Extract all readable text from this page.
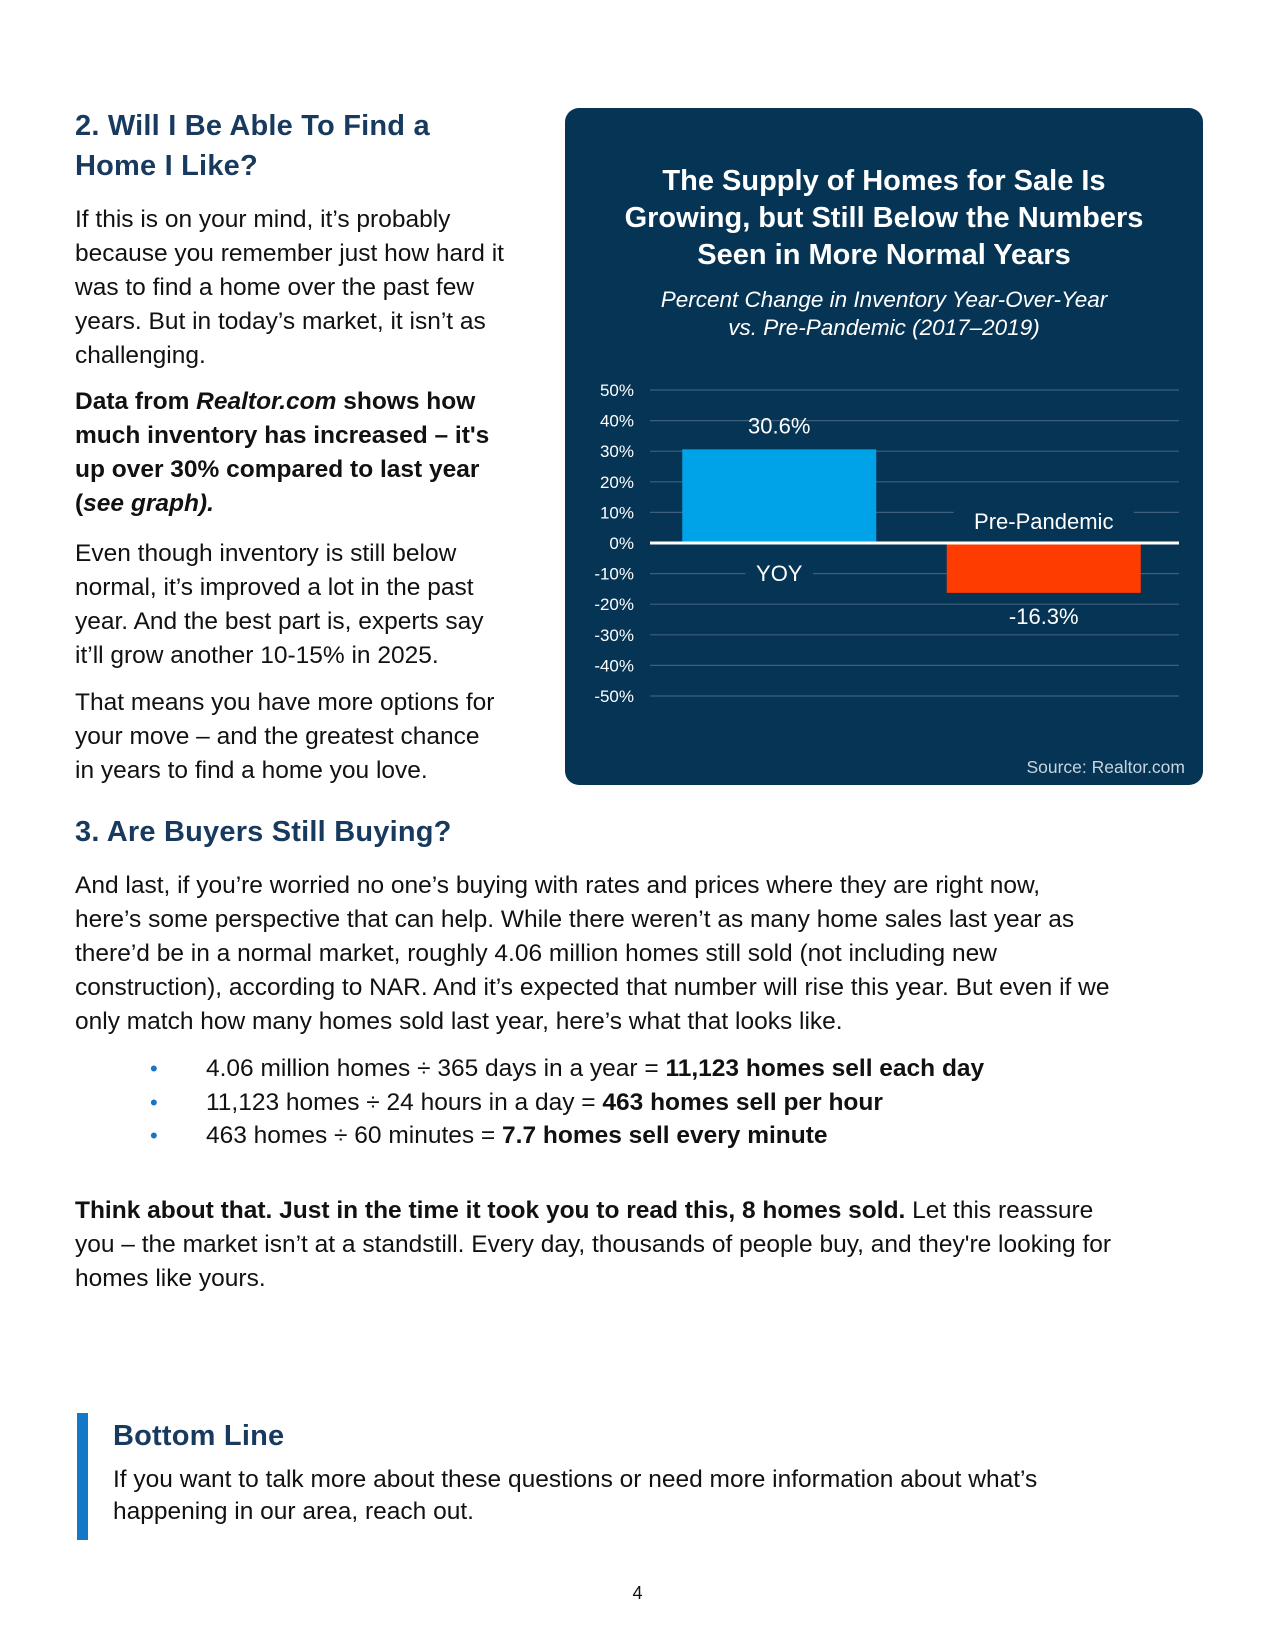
2. Will I Be Able To Find a
Home I Like?

If this is on your mind, it’s probably
because you remember just how hard it
was to find a home over the past few
years. But in today’s market, it isn’t as
challenging.

Data from Realtor.com shows how
much inventory has increased – it's
up over 30% compared to last year
(see graph).

Even though inventory is still below
normal, it’s improved a lot in the past
year. And the best part is, experts say
it’ll grow another 10-15% in 2025.

That means you have more options for
your move – and the greatest chance
in years to find a home you love.

The Supply of Homes for Sale Is
Growing, but Still Below the Numbers
Seen in More Normal Years
Percent Change in Inventory Year-Over-Year
vs. Pre-Pandemic (2017–2019)
50%
40%
30%
20%
10%
0%
-10%
-20%
-30%
-40%
-50%
30.6%
YOY
-16.3%
Pre-Pandemic
Source: Realtor.com
3. Are Buyers Still Buying?

And last, if you’re worried no one’s buying with rates and prices where they are right now,
here’s some perspective that can help. While there weren’t as many home sales last year as
there’d be in a normal market, roughly 4.06 million homes still sold (not including new
construction), according to NAR. And it’s expected that number will rise this year. But even if we
only match how many homes sold last year, here’s what that looks like.

• 4.06 million homes ÷ 365 days in a year = 11,123 homes sell each day
• 11,123 homes ÷ 24 hours in a day = 463 homes sell per hour
• 463 homes ÷ 60 minutes = 7.7 homes sell every minute

Think about that. Just in the time it took you to read this, 8 homes sold. Let this reassure
you – the market isn’t at a standstill. Every day, thousands of people buy, and they're looking for
homes like yours.

Bottom Line

If you want to talk more about these questions or need more information about what’s
happening in our area, reach out.

4
